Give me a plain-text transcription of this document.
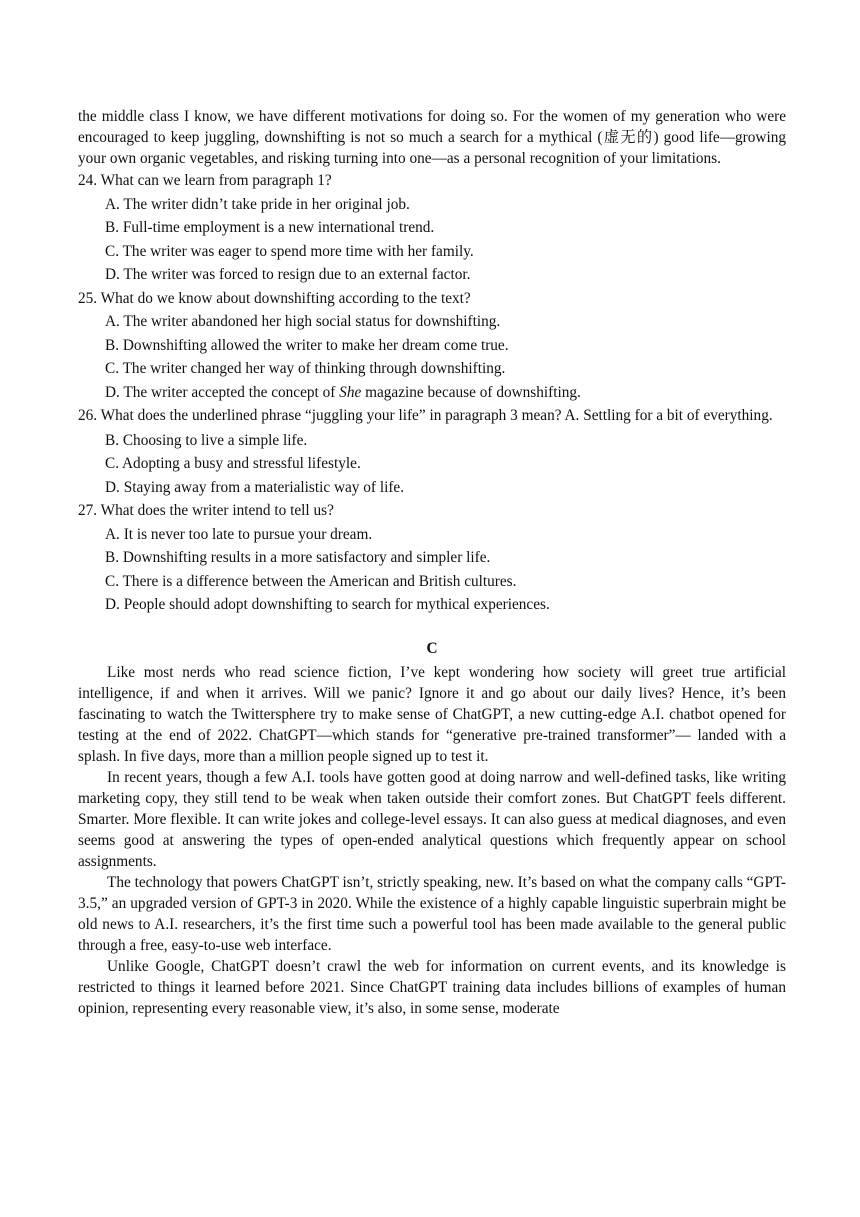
the middle class I know, we have different motivations for doing so. For the women of my generation who were encouraged to keep juggling, downshifting is not so much a search for a mythical (虚无的) good life—growing your own organic vegetables, and risking turning into one—as a personal recognition of your limitations.

24. What can we learn from paragraph 1?

A. The writer didn’t take pride in her original job.

B. Full-time employment is a new international trend.

C. The writer was eager to spend more time with her family.

D. The writer was forced to resign due to an external factor.

25. What do we know about downshifting according to the text?

A. The writer abandoned her high social status for downshifting.

B. Downshifting allowed the writer to make her dream come true.

C. The writer changed her way of thinking through downshifting.

D. The writer accepted the concept of She magazine because of downshifting.

26. What does the underlined phrase “juggling your life” in paragraph 3 mean? A. Settling for a bit of everything.

B. Choosing to live a simple life.

C. Adopting a busy and stressful lifestyle.

D. Staying away from a materialistic way of life.

27. What does the writer intend to tell us?

A. It is never too late to pursue your dream.

B. Downshifting results in a more satisfactory and simpler life.

C. There is a difference between the American and British cultures.

D. People should adopt downshifting to search for mythical experiences.

C

Like most nerds who read science fiction, I’ve kept wondering how society will greet true artificial intelligence, if and when it arrives. Will we panic? Ignore it and go about our daily lives? Hence, it’s been fascinating to watch the Twittersphere try to make sense of ChatGPT, a new cutting-edge A.I. chatbot opened for testing at the end of 2022. ChatGPT—which stands for “generative pre-trained transformer”— landed with a splash. In five days, more than a million people signed up to test it.

In recent years, though a few A.I. tools have gotten good at doing narrow and well-defined tasks, like writing marketing copy, they still tend to be weak when taken outside their comfort zones. But ChatGPT feels different. Smarter. More flexible. It can write jokes and college-level essays. It can also guess at medical diagnoses, and even seems good at answering the types of open-ended analytical questions which frequently appear on school assignments.

The technology that powers ChatGPT isn’t, strictly speaking, new. It’s based on what the company calls “GPT-3.5,” an upgraded version of GPT-3 in 2020. While the existence of a highly capable linguistic superbrain might be old news to A.I. researchers, it’s the first time such a powerful tool has been made available to the general public through a free, easy-to-use web interface.

Unlike Google, ChatGPT doesn’t crawl the web for information on current events, and its knowledge is restricted to things it learned before 2021. Since ChatGPT training data includes billions of examples of human opinion, representing every reasonable view, it’s also, in some sense, moderate
